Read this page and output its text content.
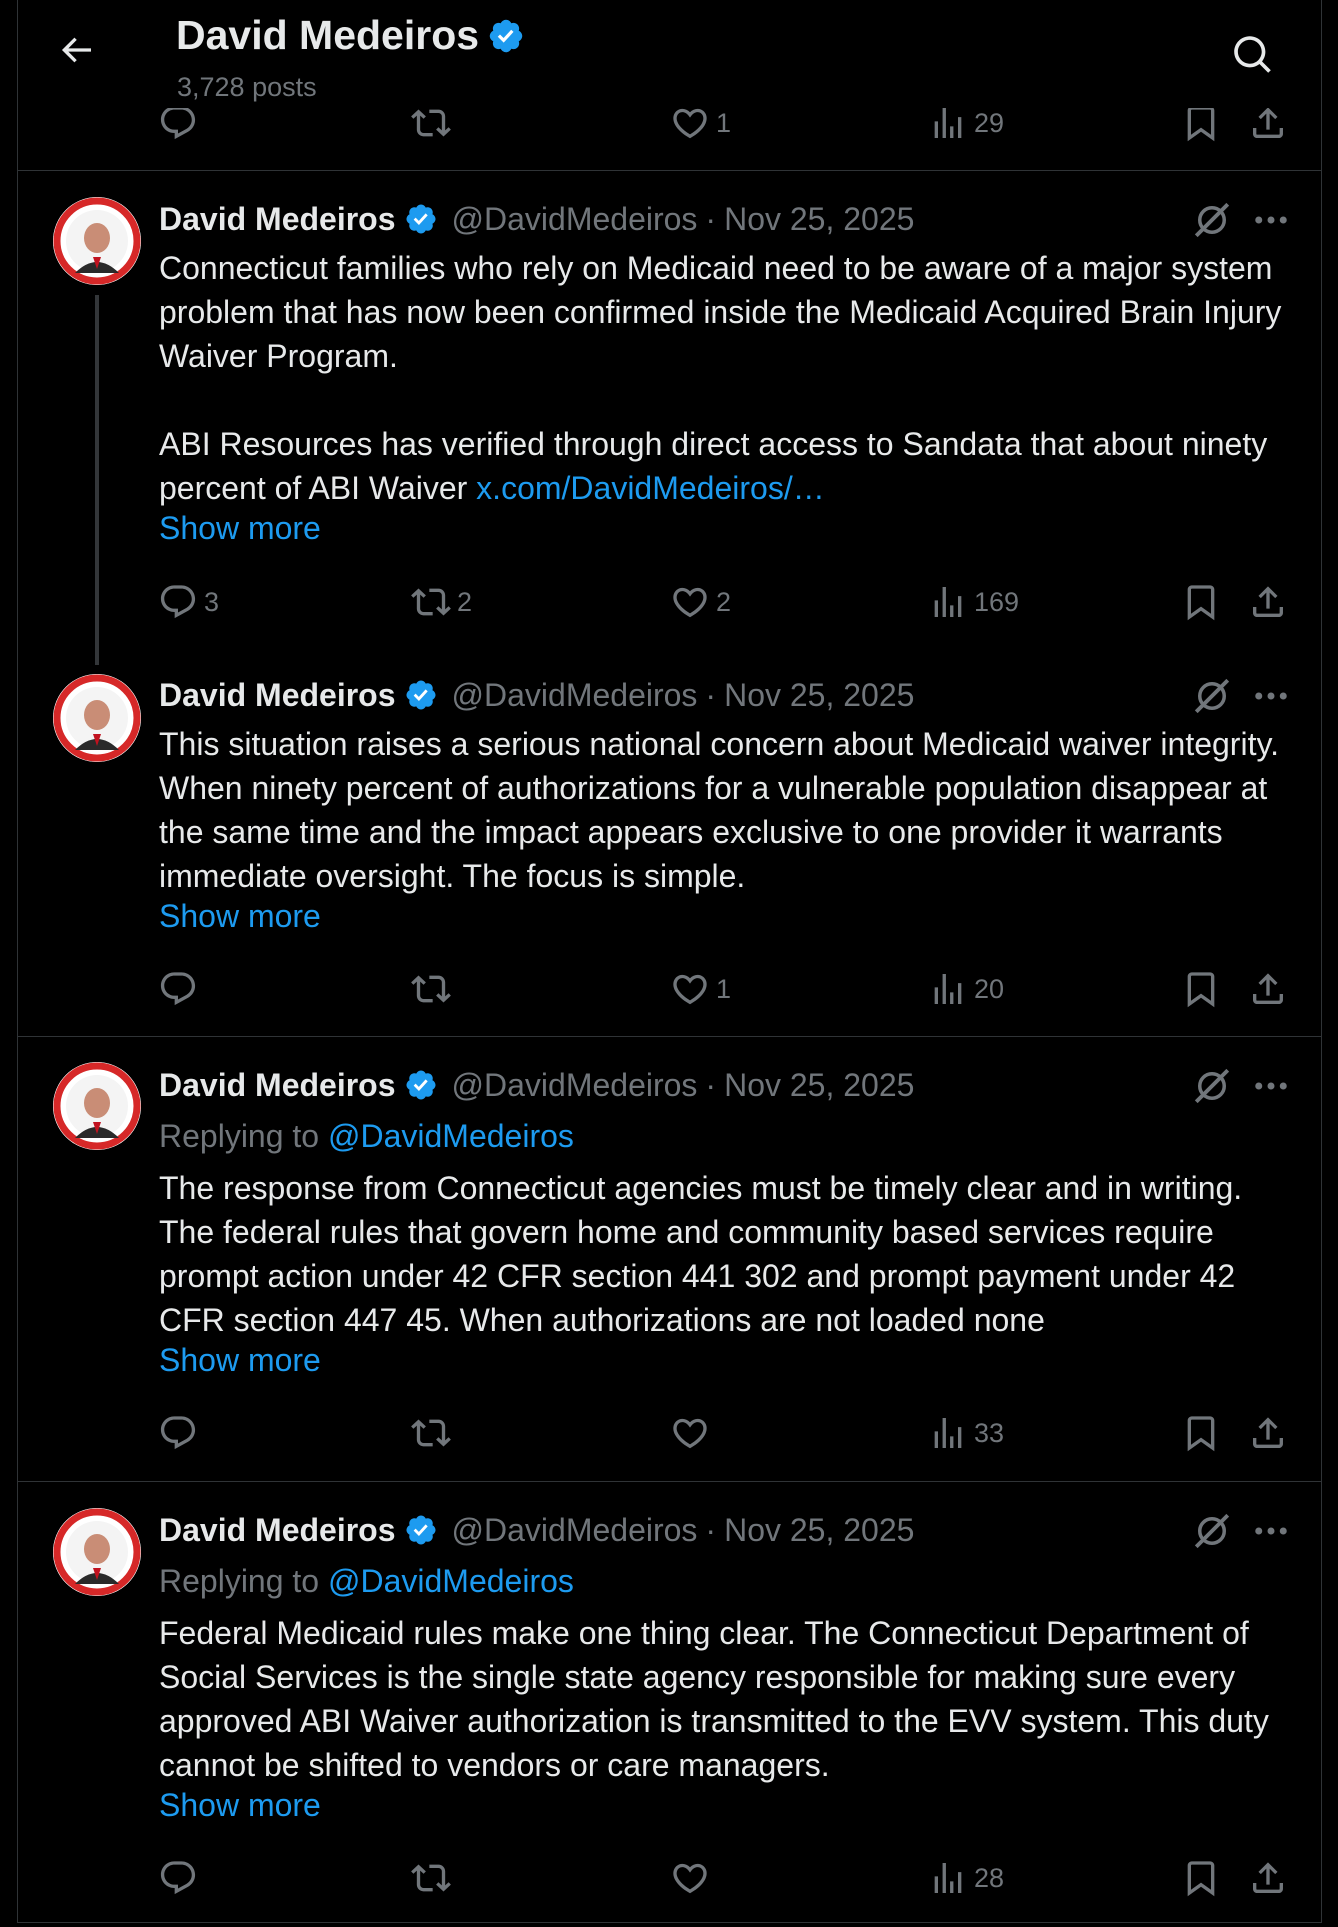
David Medeiros
3,728 posts
1	29
David Medeiros @DavidMedeiros · Nov 25, 2025
Connecticut families who rely on Medicaid need to be aware of a major system problem that has now been confirmed inside the Medicaid Acquired Brain Injury Waiver Program.

ABI Resources has verified through direct access to Sandata that about ninety percent of ABI Waiver x.com/DavidMedeiros/…
Show more
3	2	2	169
David Medeiros @DavidMedeiros · Nov 25, 2025
This situation raises a serious national concern about Medicaid waiver integrity. When ninety percent of authorizations for a vulnerable population disappear at the same time and the impact appears exclusive to one provider it warrants immediate oversight. The focus is simple.
Show more
1	20
David Medeiros @DavidMedeiros · Nov 25, 2025
Replying to @DavidMedeiros
The response from Connecticut agencies must be timely clear and in writing. The federal rules that govern home and community based services require prompt action under 42 CFR section 441 302 and prompt payment under 42 CFR section 447 45. When authorizations are not loaded none
Show more
33
David Medeiros @DavidMedeiros · Nov 25, 2025
Replying to @DavidMedeiros
Federal Medicaid rules make one thing clear. The Connecticut Department of Social Services is the single state agency responsible for making sure every approved ABI Waiver authorization is transmitted to the EVV system. This duty cannot be shifted to vendors or care managers.
Show more
28
